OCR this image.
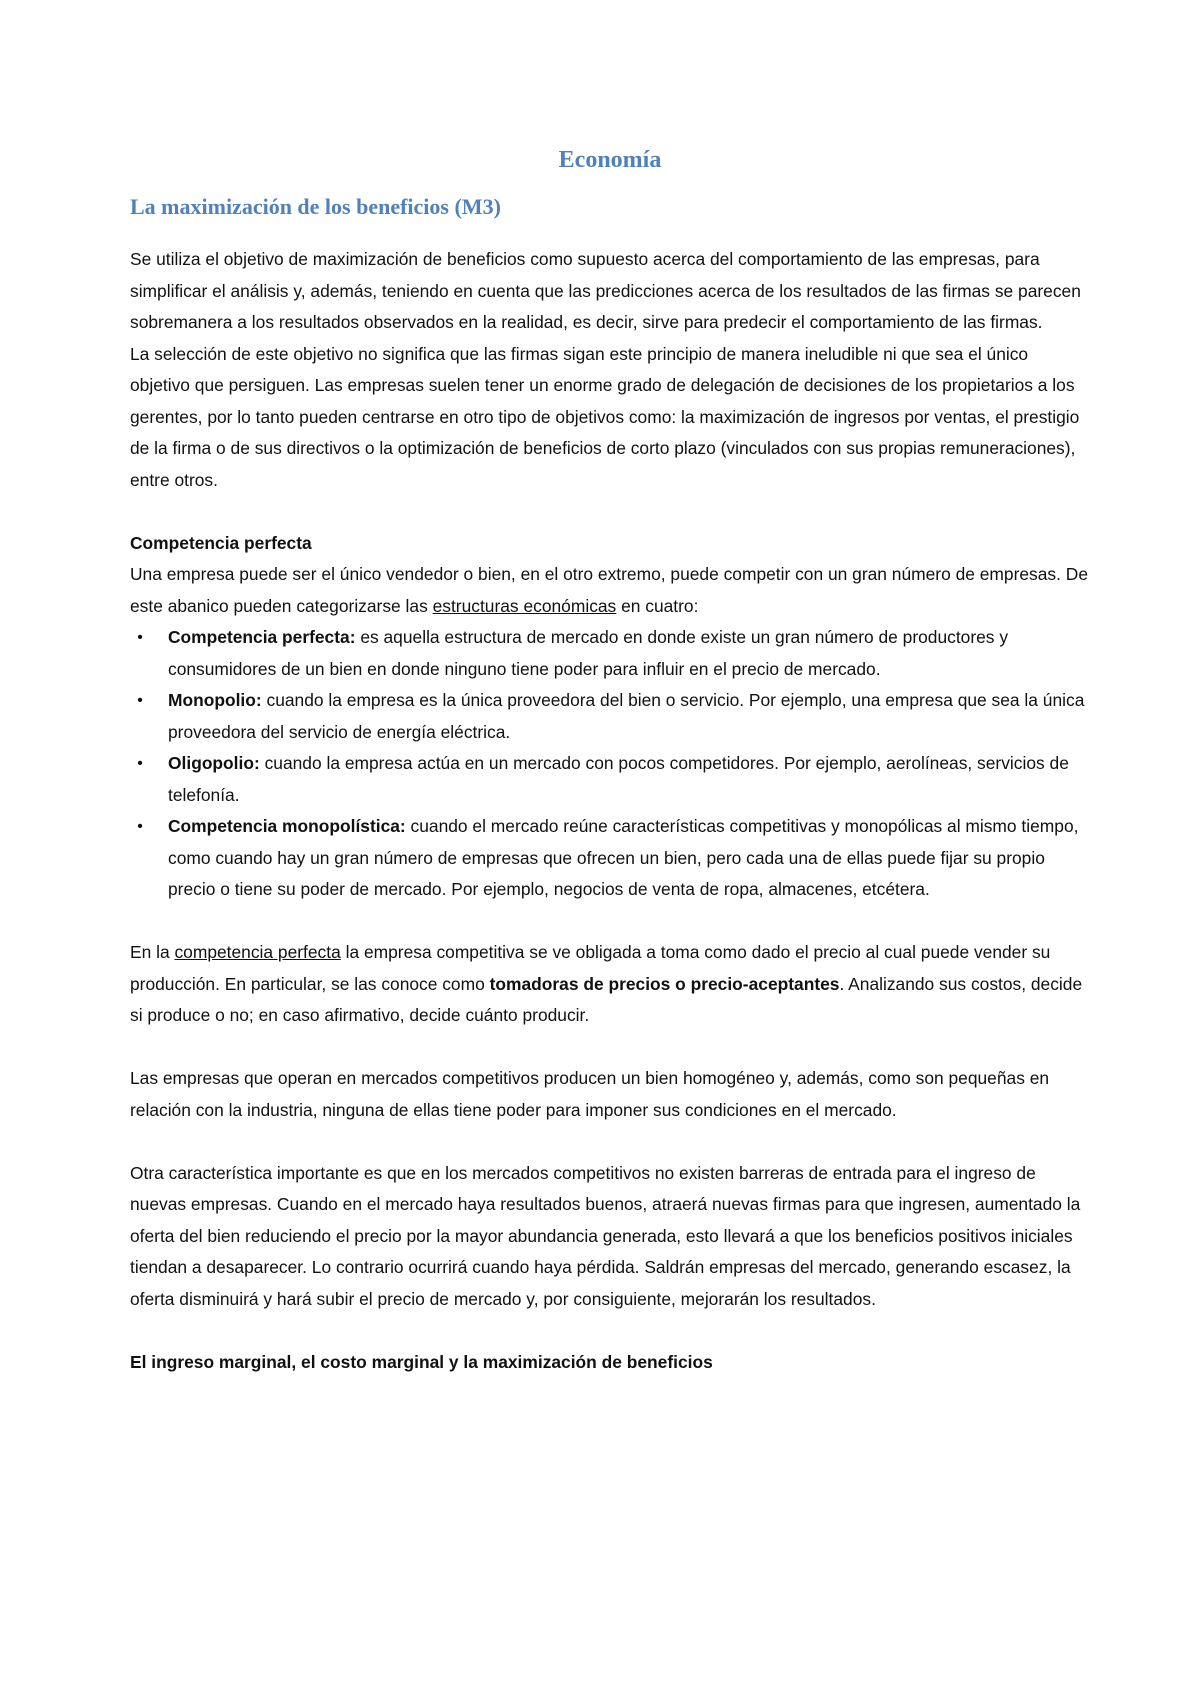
Economía
La maximización de los beneficios (M3)

Se utiliza el objetivo de maximización de beneficios como supuesto acerca del comportamiento de las empresas, para simplificar el análisis y, además, teniendo en cuenta que las predicciones acerca de los resultados de las firmas se parecen sobremanera a los resultados observados en la realidad, es decir, sirve para predecir el comportamiento de las firmas.

La selección de este objetivo no significa que las firmas sigan este principio de manera ineludible ni que sea el único objetivo que persiguen. Las empresas suelen tener un enorme grado de delegación de decisiones de los propietarios a los gerentes, por lo tanto pueden centrarse en otro tipo de objetivos como: la maximización de ingresos por ventas, el prestigio de la firma o de sus directivos o la optimización de beneficios de corto plazo (vinculados con sus propias remuneraciones), entre otros.

Competencia perfecta

Una empresa puede ser el único vendedor o bien, en el otro extremo, puede competir con un gran número de empresas. De este abanico pueden categorizarse las estructuras económicas en cuatro:

•	Competencia perfecta: es aquella estructura de mercado en donde existe un gran número de productores y consumidores de un bien en donde ninguno tiene poder para influir en el precio de mercado.
•	Monopolio: cuando la empresa es la única proveedora del bien o servicio. Por ejemplo, una empresa que sea la única proveedora del servicio de energía eléctrica.
•	Oligopolio: cuando la empresa actúa en un mercado con pocos competidores. Por ejemplo, aerolíneas, servicios de telefonía.
•	Competencia monopolística: cuando el mercado reúne características competitivas y monopólicas al mismo tiempo, como cuando hay un gran número de empresas que ofrecen un bien, pero cada una de ellas puede fijar su propio precio o tiene su poder de mercado. Por ejemplo, negocios de venta de ropa, almacenes, etcétera.

En la competencia perfecta la empresa competitiva se ve obligada a toma como dado el precio al cual puede vender su producción. En particular, se las conoce como tomadoras de precios o precio-aceptantes. Analizando sus costos, decide si produce o no; en caso afirmativo, decide cuánto producir.

Las empresas que operan en mercados competitivos producen un bien homogéneo y, además, como son pequeñas en relación con la industria, ninguna de ellas tiene poder para imponer sus condiciones en el mercado.

Otra característica importante es que en los mercados competitivos no existen barreras de entrada para el ingreso de nuevas empresas. Cuando en el mercado haya resultados buenos, atraerá nuevas firmas para que ingresen, aumentado la oferta del bien reduciendo el precio por la mayor abundancia generada, esto llevará a que los beneficios positivos iniciales tiendan a desaparecer. Lo contrario ocurrirá cuando haya pérdida. Saldrán empresas del mercado, generando escasez, la oferta disminuirá y hará subir el precio de mercado y, por consiguiente, mejorarán los resultados.

El ingreso marginal, el costo marginal y la maximización de beneficios
